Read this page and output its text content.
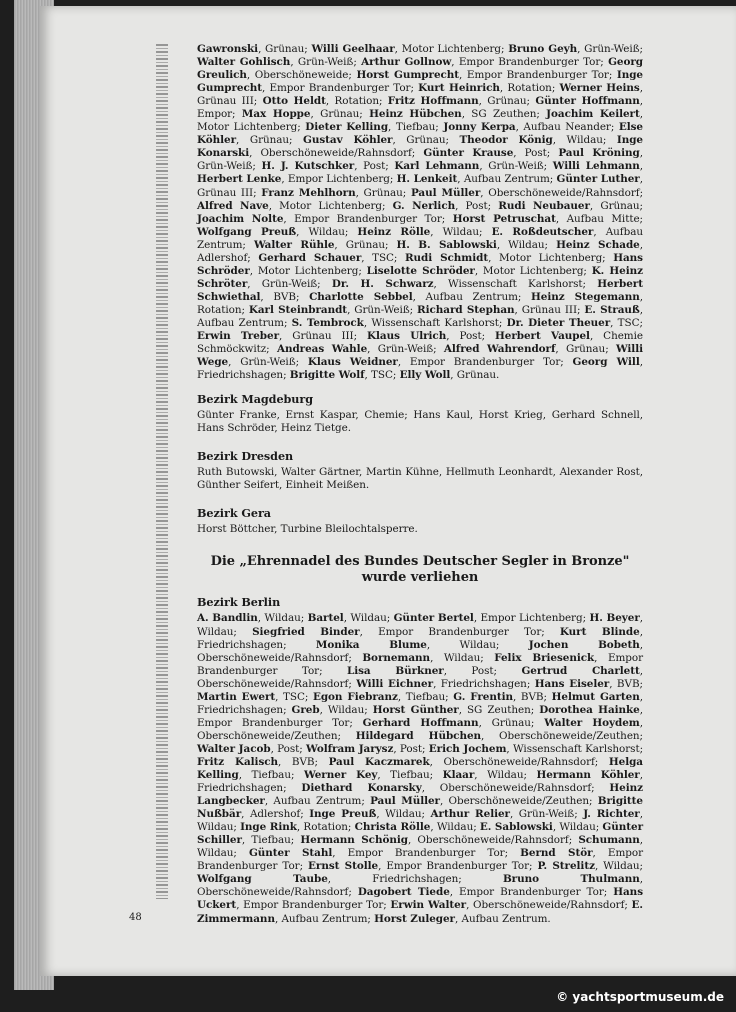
Gawronski, Grünau; Willi Geelhaar, Motor Lichtenberg; Bruno Geyh, Grün-Weiß; Walter Gohlisch, Grün-Weiß; Arthur Gollnow, Empor Brandenburger Tor; Georg Greulich, Oberschöneweide; Horst Gumprecht, Empor Brandenburger Tor; Inge Gumprecht, Empor Brandenburger Tor; Kurt Heinrich, Rotation; Werner Heins, Grünau III; Otto Heldt, Rotation; Fritz Hoffmann, Grünau; Günter Hoffmann, Empor; Max Hoppe, Grünau; Heinz Hübchen, SG Zeuthen; Joachim Keilert, Motor Lichtenberg; Dieter Kelling, Tiefbau; Jonny Kerpa, Aufbau Neander; Else Köhler, Grünau; Gustav Köhler, Grünau; Theodor König, Wildau; Inge Konarski, Oberschöneweide/Rahnsdorf; Günter Krause, Post; Paul Kröning, Grün-Weiß; H. J. Kutschker, Post; Karl Lehmann, Grün-Weiß; Willi Lehmann, Herbert Lenke, Empor Lichtenberg; H. Lenkeit, Aufbau Zentrum; Günter Luther, Grünau III; Franz Mehlhorn, Grünau; Paul Müller, Oberschöneweide/Rahnsdorf; Alfred Nave, Motor Lichtenberg; G. Nerlich, Post; Rudi Neubauer, Grünau; Joachim Nolte, Empor Brandenburger Tor; Horst Petruschat, Aufbau Mitte; Wolfgang Preuß, Wildau; Heinz Rölle, Wildau; E. Roßdeutscher, Aufbau Zentrum; Walter Rühle, Grünau; H. B. Sablowski, Wildau; Heinz Schade, Adlershof; Gerhard Schauer, TSC; Rudi Schmidt, Motor Lichtenberg; Hans Schröder, Motor Lichtenberg; Liselotte Schröder, Motor Lichtenberg; K. Heinz Schröter, Grün-Weiß; Dr. H. Schwarz, Wissenschaft Karlshorst; Herbert Schwiethal, BVB; Charlotte Sebbel, Aufbau Zentrum; Heinz Stegemann, Rotation; Karl Steinbrandt, Grün-Weiß; Richard Stephan, Grünau III; E. Strauß, Aufbau Zentrum; S. Tembrock, Wissenschaft Karlshorst; Dr. Dieter Theuer, TSC; Erwin Treber, Grünau III; Klaus Ulrich, Post; Herbert Vaupel, Chemie Schmöckwitz; Andreas Wahle, Grün-Weiß; Alfred Wahrendorf, Grünau; Willi Wege, Grün-Weiß; Klaus Weidner, Empor Brandenburger Tor; Georg Will, Friedrichshagen; Brigitte Wolf, TSC; Elly Woll, Grünau.

Bezirk Magdeburg

Günter Franke, Ernst Kaspar, Chemie; Hans Kaul, Horst Krieg, Gerhard Schnell, Hans Schröder, Heinz Tietge.

Bezirk Dresden

Ruth Butowski, Walter Gärtner, Martin Kühne, Hellmuth Leonhardt, Alexander Rost, Günther Seifert, Einheit Meißen.

Bezirk Gera

Horst Böttcher, Turbine Bleilochtalsperre.

Die „Ehrennadel des Bundes Deutscher Segler in Bronze"
wurde verliehen
Bezirk Berlin

A. Bandlin, Wildau; Bartel, Wildau; Günter Bertel, Empor Lichtenberg; H. Beyer, Wildau; Siegfried Binder, Empor Brandenburger Tor; Kurt Blinde, Friedrichshagen; Monika Blume, Wildau; Jochen Bobeth, Oberschöneweide/Rahnsdorf; Bornemann, Wildau; Felix Briesenick, Empor Brandenburger Tor; Lisa Bürkner, Post; Gertrud Charlett, Oberschöneweide/Rahnsdorf; Willi Eichner, Friedrichshagen; Hans Eiseler, BVB; Martin Ewert, TSC; Egon Fiebranz, Tiefbau; G. Frentin, BVB; Helmut Garten, Friedrichshagen; Greb, Wildau; Horst Günther, SG Zeuthen; Dorothea Hainke, Empor Brandenburger Tor; Gerhard Hoffmann, Grünau; Walter Hoydem, Oberschöneweide/Zeuthen; Hildegard Hübchen, Oberschöneweide/Zeuthen; Walter Jacob, Post; Wolfram Jarysz, Post; Erich Jochem, Wissenschaft Karlshorst; Fritz Kalisch, BVB; Paul Kaczmarek, Oberschöneweide/Rahnsdorf; Helga Kelling, Tiefbau; Werner Key, Tiefbau; Klaar, Wildau; Hermann Köhler, Friedrichshagen; Diethard Konarsky, Oberschöneweide/Rahnsdorf; Heinz Langbecker, Aufbau Zentrum; Paul Müller, Oberschöneweide/Zeuthen; Brigitte Nußbär, Adlershof; Inge Preuß, Wildau; Arthur Relier, Grün-Weiß; J. Richter, Wildau; Inge Rink, Rotation; Christa Rölle, Wildau; E. Sablowski, Wildau; Günter Schiller, Tiefbau; Hermann Schönig, Oberschöneweide/Rahnsdorf; Schumann, Wildau; Günter Stahl, Empor Brandenburger Tor; Bernd Stör, Empor Brandenburger Tor; Ernst Stolle, Empor Brandenburger Tor; P. Strelitz, Wildau; Wolfgang Taube, Friedrichshagen; Bruno Thulmann, Oberschöneweide/Rahnsdorf; Dagobert Tiede, Empor Brandenburger Tor; Hans Uckert, Empor Brandenburger Tor; Erwin Walter, Oberschöneweide/Rahnsdorf; E. Zimmermann, Aufbau Zentrum; Horst Zuleger, Aufbau Zentrum.

48
© yachtsportmuseum.de
